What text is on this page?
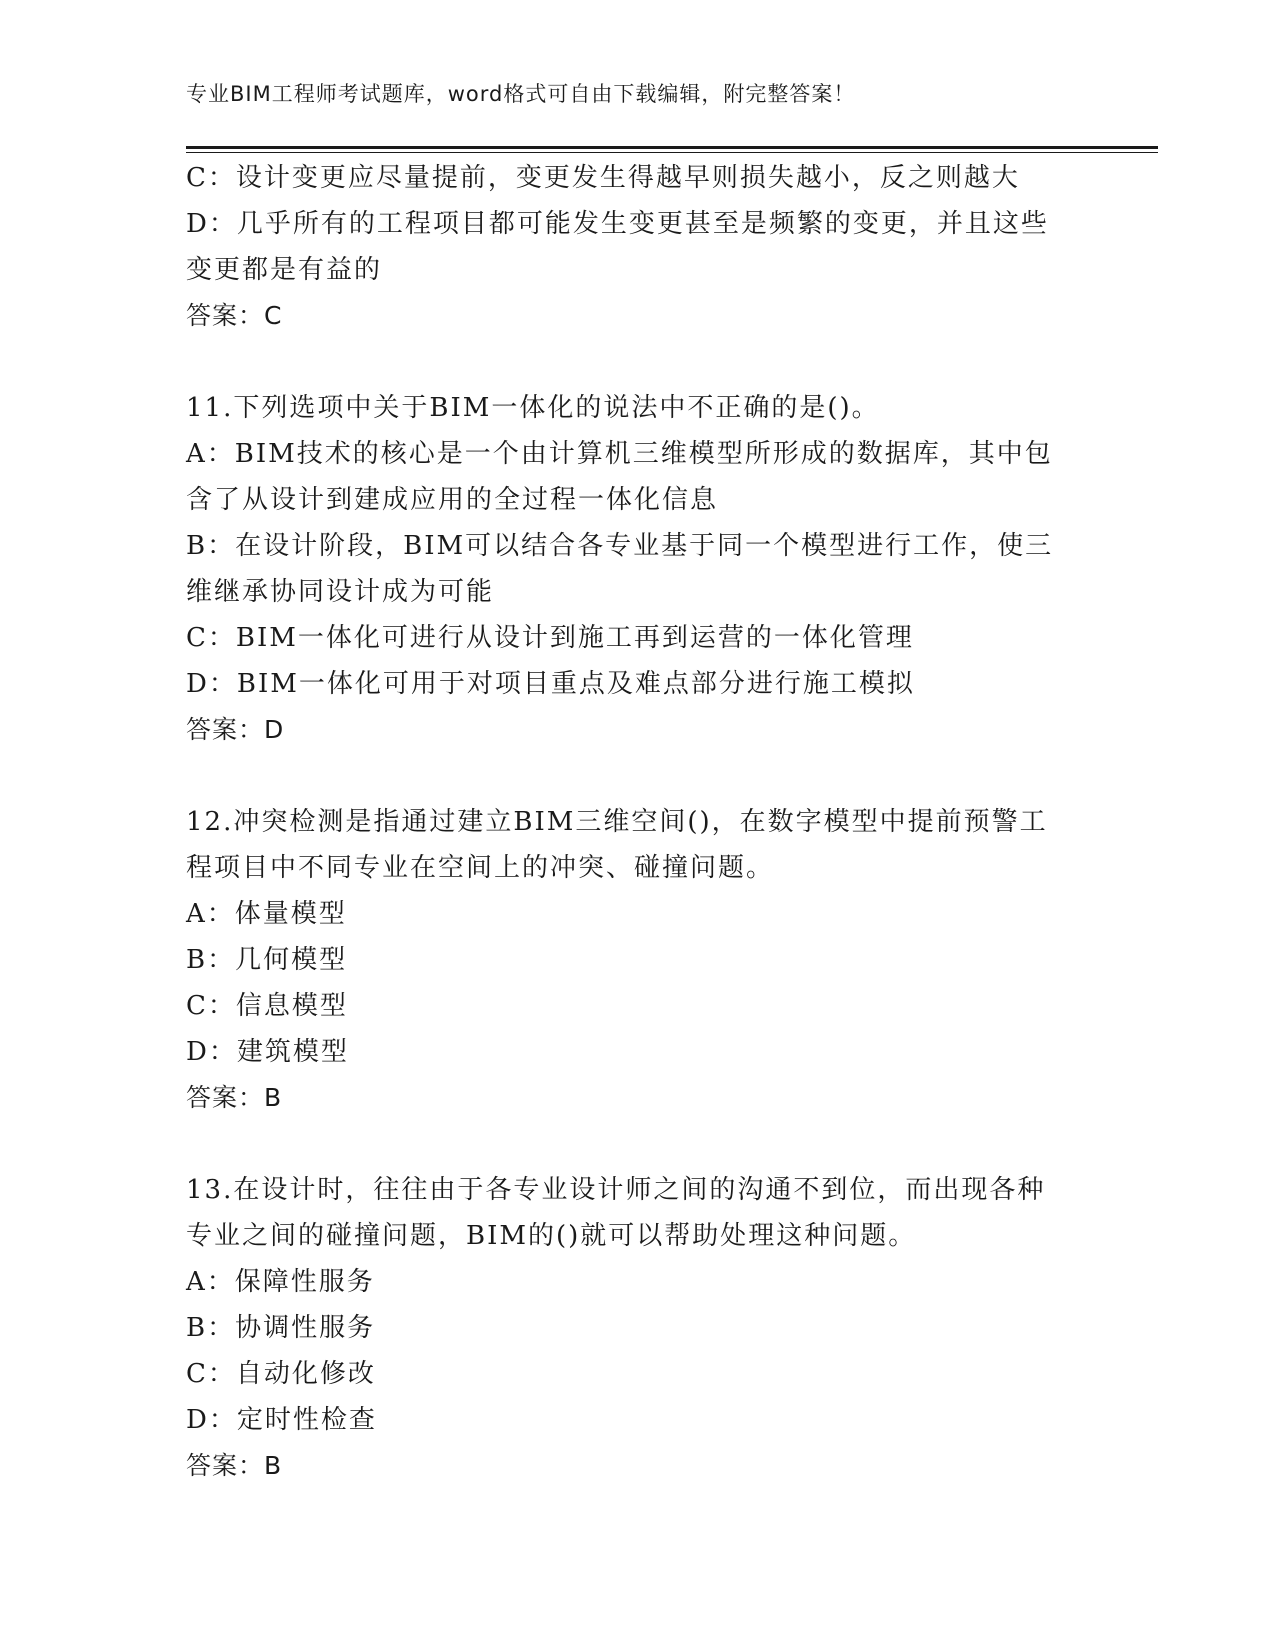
专业BIM工程师考试题库，word格式可自由下载编辑，附完整答案！
C：设计变更应尽量提前，变更发生得越早则损失越小，反之则越大
D：几乎所有的工程项目都可能发生变更甚至是频繁的变更，并且这些
变更都是有益的
答案：C
11.下列选项中关于BIM一体化的说法中不正确的是()。
A：BIM技术的核心是一个由计算机三维模型所形成的数据库，其中包
含了从设计到建成应用的全过程一体化信息
B：在设计阶段，BIM可以结合各专业基于同一个模型进行工作，使三
维继承协同设计成为可能
C：BIM一体化可进行从设计到施工再到运营的一体化管理
D：BIM一体化可用于对项目重点及难点部分进行施工模拟
答案：D
12.冲突检测是指通过建立BIM三维空间()，在数字模型中提前预警工
程项目中不同专业在空间上的冲突、碰撞问题。
A：体量模型
B：几何模型
C：信息模型
D：建筑模型
答案：B
13.在设计时，往往由于各专业设计师之间的沟通不到位，而出现各种
专业之间的碰撞问题，BIM的()就可以帮助处理这种问题。
A：保障性服务
B：协调性服务
C：自动化修改
D：定时性检查
答案：B
